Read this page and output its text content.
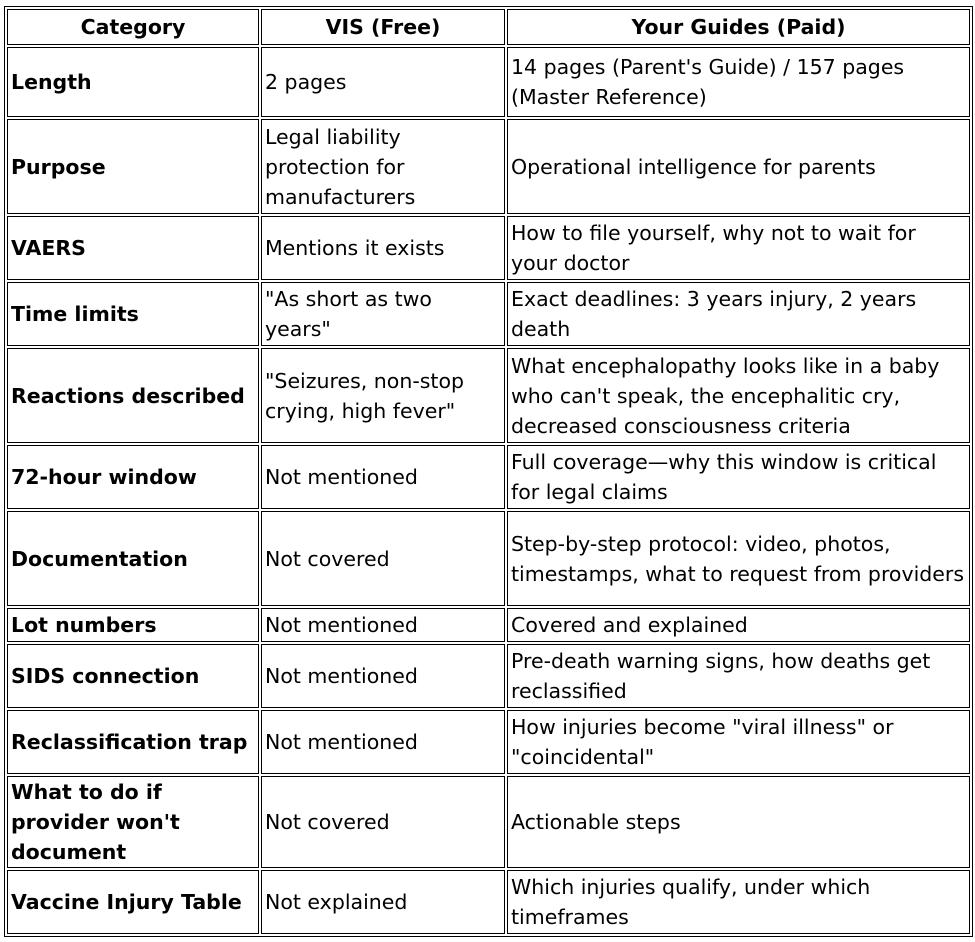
Category	VIS (Free)	Your Guides (Paid)
Length	2 pages	14 pages (Parent's Guide) / 157 pages (Master Reference)
Purpose	Legal liability protection for manufacturers	Operational intelligence for parents
VAERS	Mentions it exists	How to file yourself, why not to wait for your doctor
Time limits	"As short as two years"	Exact deadlines: 3 years injury, 2 years death
Reactions described	"Seizures, non-stop crying, high fever"	What encephalopathy looks like in a baby who can't speak, the encephalitic cry, decreased consciousness criteria
72-hour window	Not mentioned	Full coverage—why this window is critical for legal claims
Documentation	Not covered	Step-by-step protocol: video, photos, timestamps, what to request from providers
Lot numbers	Not mentioned	Covered and explained
SIDS connection	Not mentioned	Pre-death warning signs, how deaths get reclassified
Reclassification trap	Not mentioned	How injuries become "viral illness" or "coincidental"
What to do if provider won't document	Not covered	Actionable steps
Vaccine Injury Table	Not explained	Which injuries qualify, under which timeframes
